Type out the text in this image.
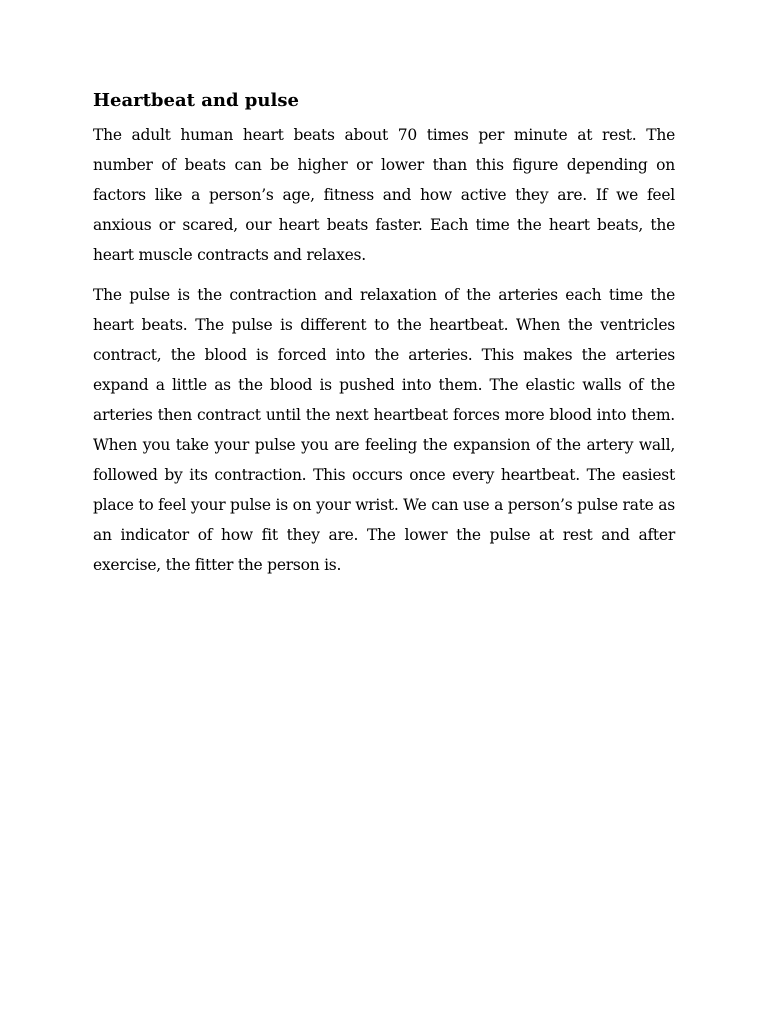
Heartbeat and pulse

The adult human heart beats about 70 times per minute at rest. The number of beats can be higher or lower than this figure depending on factors like a person’s age, fitness and how active they are. If we feel anxious or scared, our heart beats faster. Each time the heart beats, the heart muscle contracts and relaxes.

The pulse is the contraction and relaxation of the arteries each time the heart beats. The pulse is different to the heartbeat. When the ventricles contract, the blood is forced into the arteries. This makes the arteries expand a little as the blood is pushed into them. The elastic walls of the arteries then contract until the next heartbeat forces more blood into them. When you take your pulse you are feeling the expansion of the artery wall, followed by its contraction. This occurs once every heartbeat. The easiest place to feel your pulse is on your wrist. We can use a person’s pulse rate as an indicator of how fit they are. The lower the pulse at rest and after exercise, the fitter the person is.
